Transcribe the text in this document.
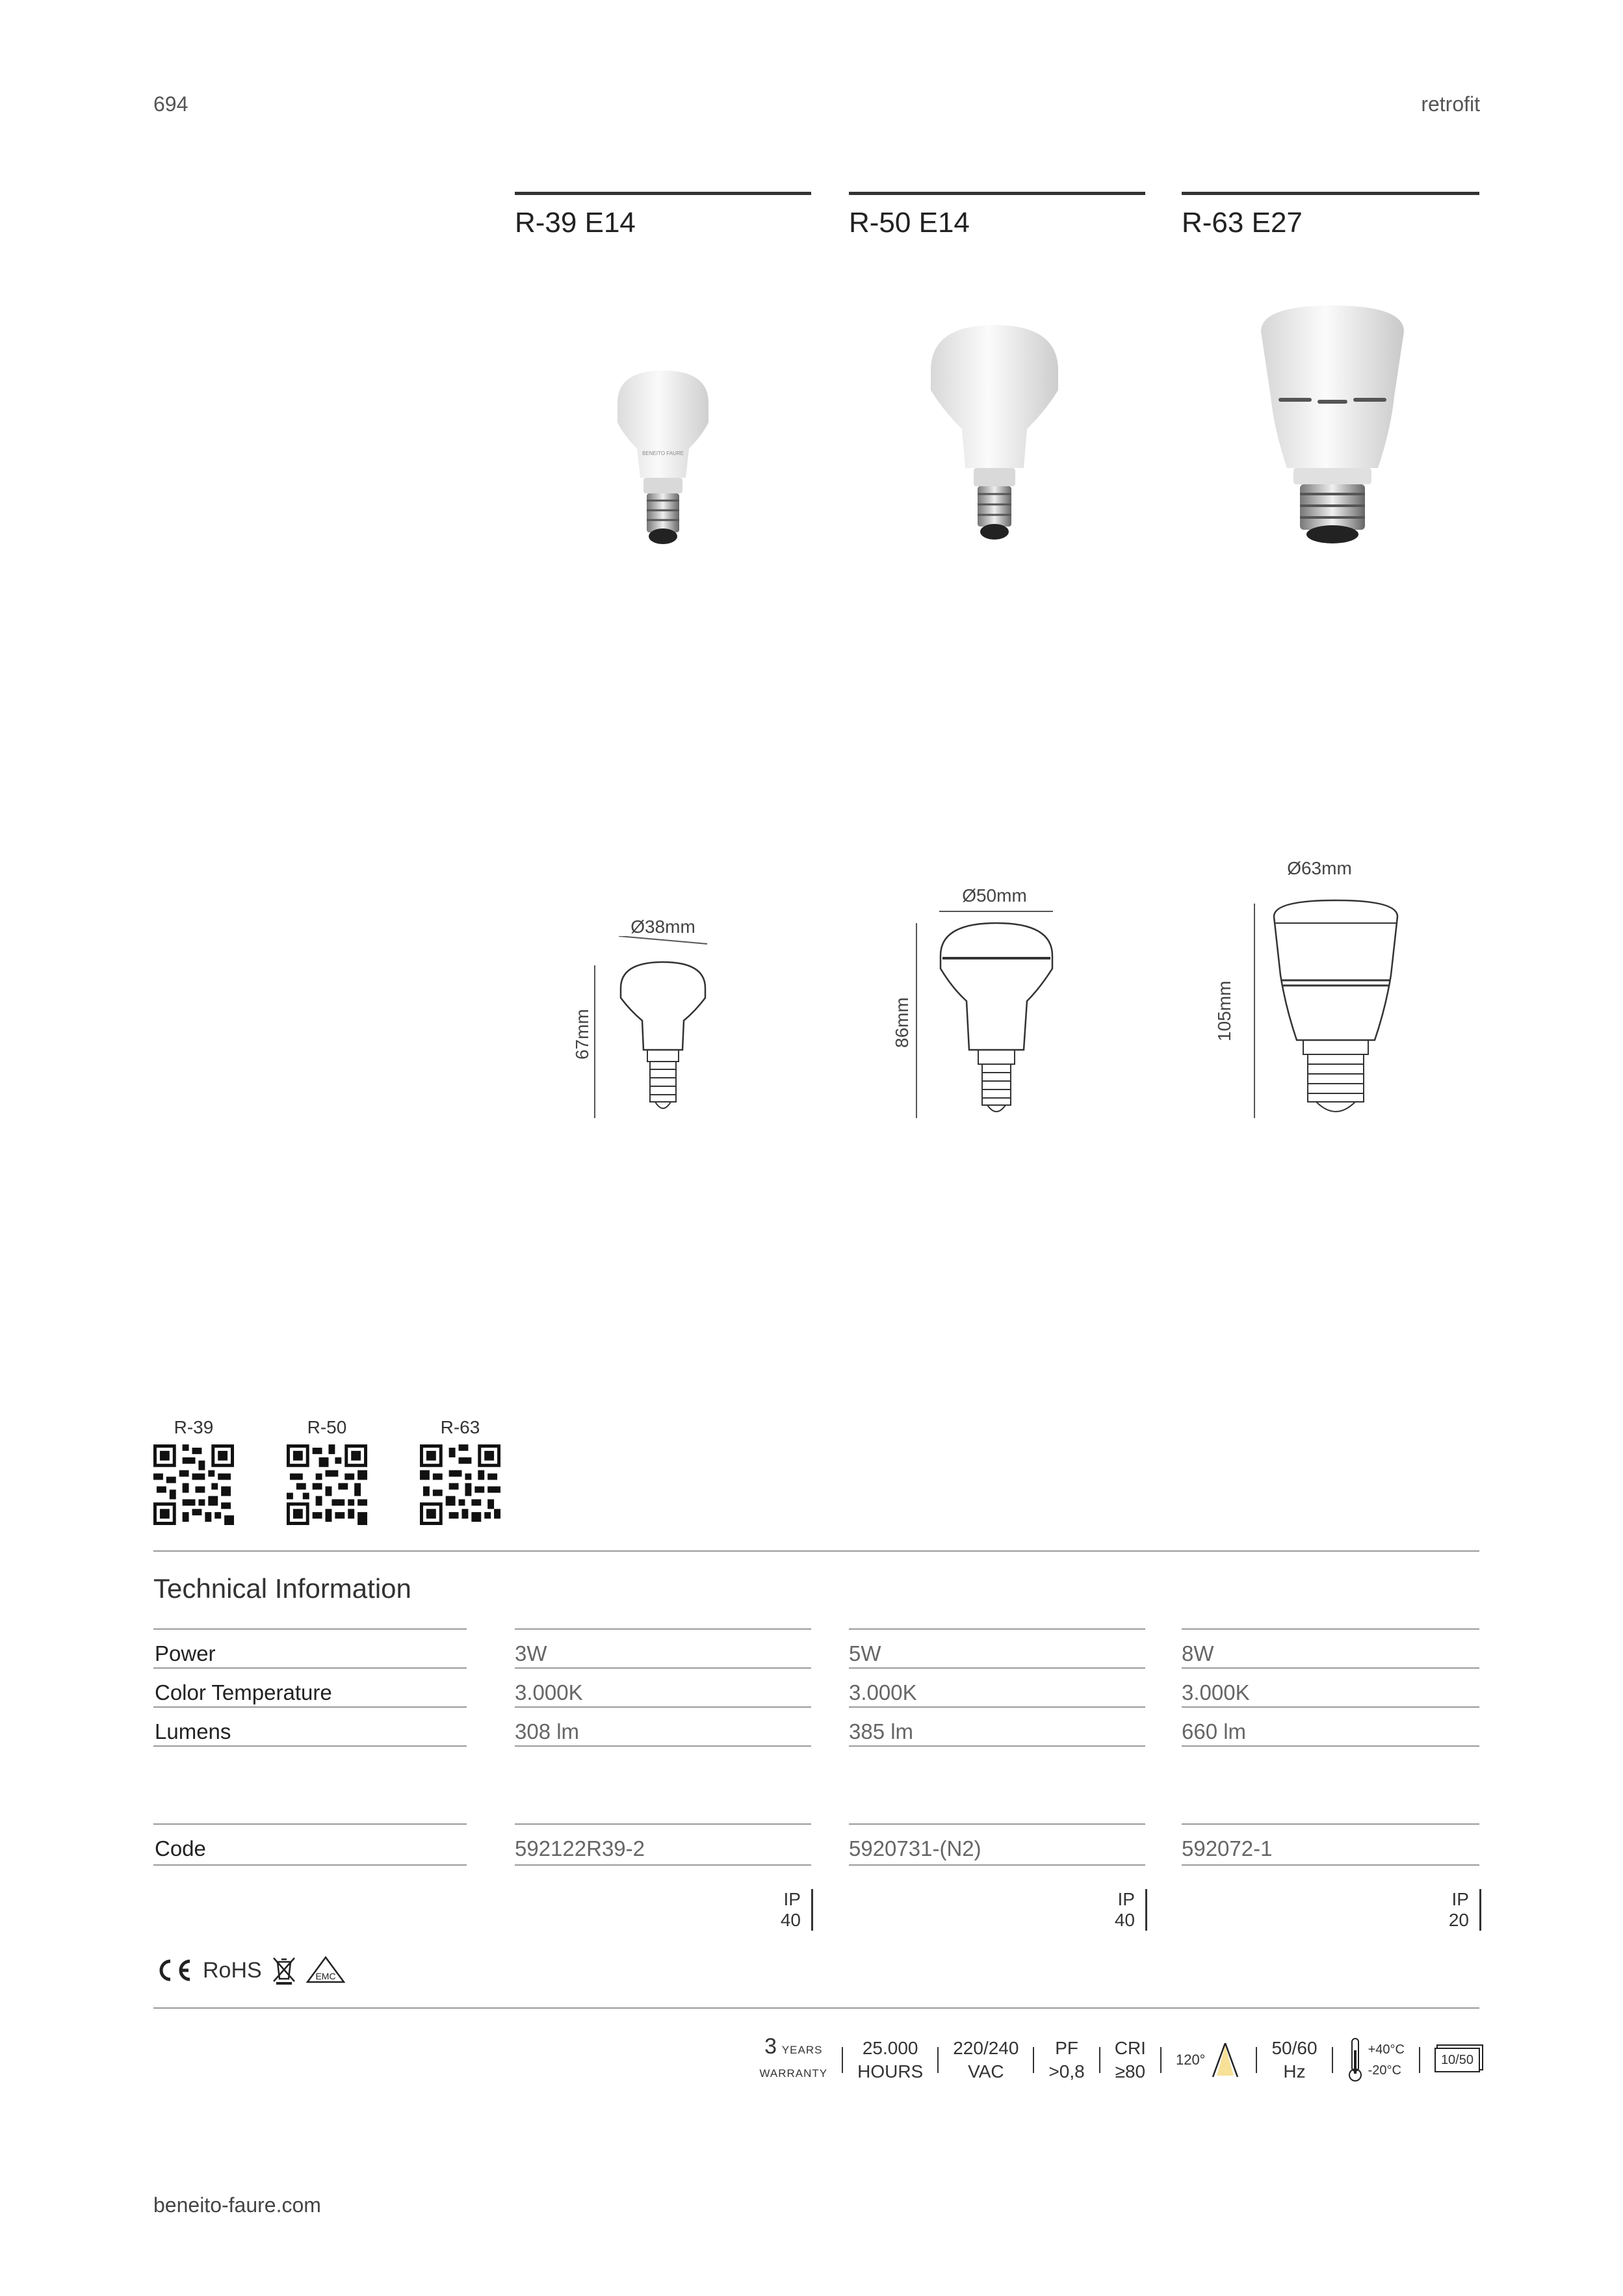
694	retrofit
R-39 E14	R-50 E14	R-63 E27
BENEITO FAURE
Ø38mm
67mm
Ø50mm
86mm
Ø63mm
105mm
R-39	R-50	R-63
Technical Information
Power	3W	5W	8W
Color Temperature	3.000K	3.000K	3.000K
Lumens	308 lm	385 lm	660 lm
Code	592122R39-2	5920731-(N2)	592072-1
IP
40
IP
40
IP
20
RoHS	EMC
3 YEARS
WARRANTY
25.000
HOURS
220/240
VAC
PF
>0,8
CRI
≥80
120°
50/60
Hz
+40°C
-20°C
10/50
beneito-faure.com
